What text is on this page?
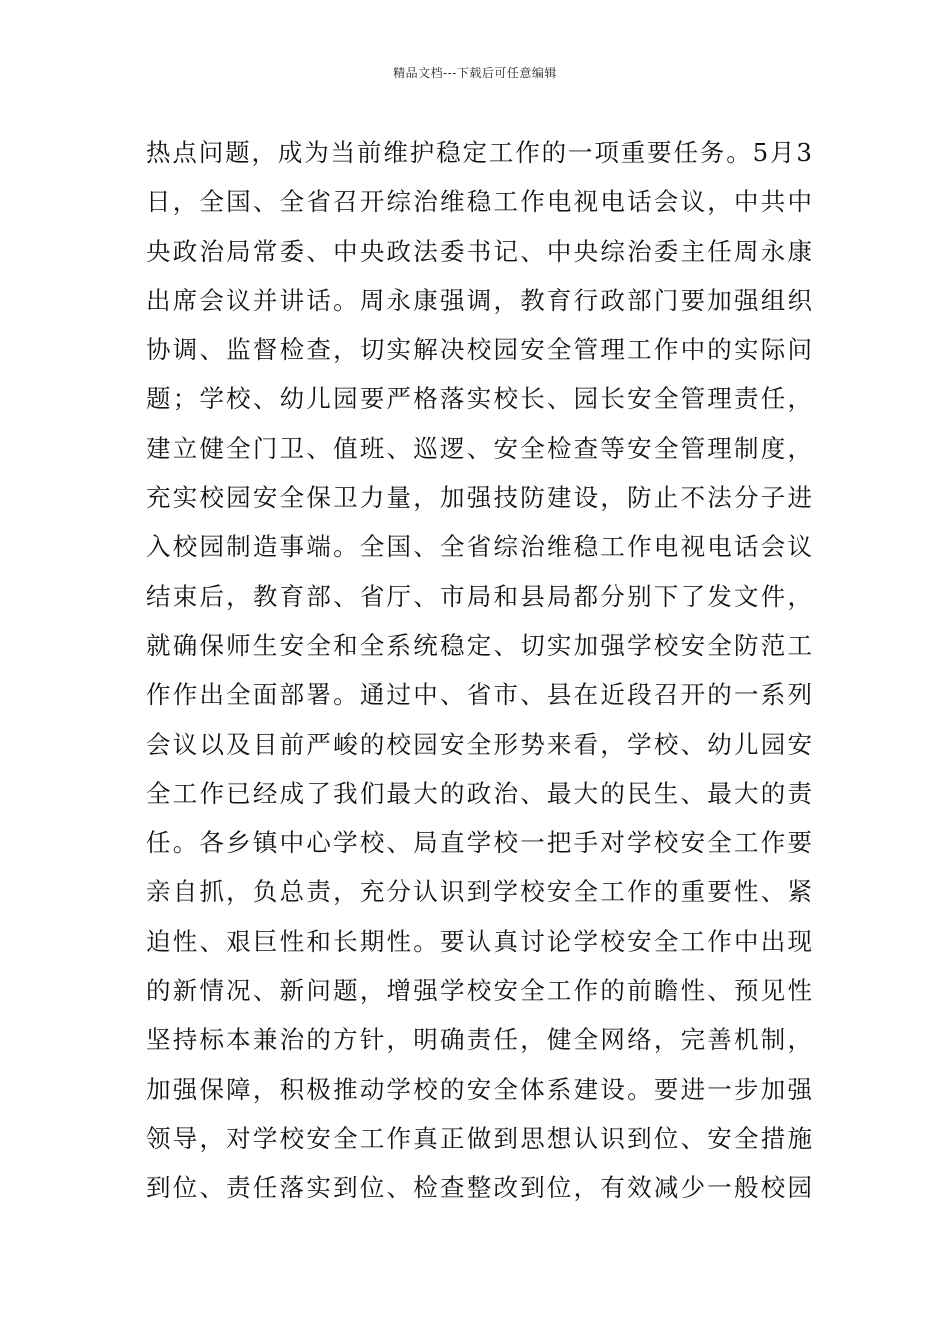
精品文档---下载后可任意编辑
热点问题，成为当前维护稳定工作的一项重要任务。5月3
日，全国、全省召开综治维稳工作电视电话会议，中共中
央政治局常委、中央政法委书记、中央综治委主任周永康
出席会议并讲话。周永康强调，教育行政部门要加强组织
协调、监督检查，切实解决校园安全管理工作中的实际问
题；学校、幼儿园要严格落实校长、园长安全管理责任，
建立健全门卫、值班、巡逻、安全检查等安全管理制度，
充实校园安全保卫力量，加强技防建设，防止不法分子进
入校园制造事端。全国、全省综治维稳工作电视电话会议
结束后，教育部、省厅、市局和县局都分别下了发文件，
就确保师生安全和全系统稳定、切实加强学校安全防范工
作作出全面部署。通过中、省市、县在近段召开的一系列
会议以及目前严峻的校园安全形势来看，学校、幼儿园安
全工作已经成了我们最大的政治、最大的民生、最大的责
任。各乡镇中心学校、局直学校一把手对学校安全工作要
亲自抓，负总责，充分认识到学校安全工作的重要性、紧
迫性、艰巨性和长期性。要认真讨论学校安全工作中出现
的新情况、新问题，增强学校安全工作的前瞻性、预见性
坚持标本兼治的方针，明确责任，健全网络，完善机制，
加强保障，积极推动学校的安全体系建设。要进一步加强
领导，对学校安全工作真正做到思想认识到位、安全措施
到位、责任落实到位、检查整改到位，有效减少一般校园
